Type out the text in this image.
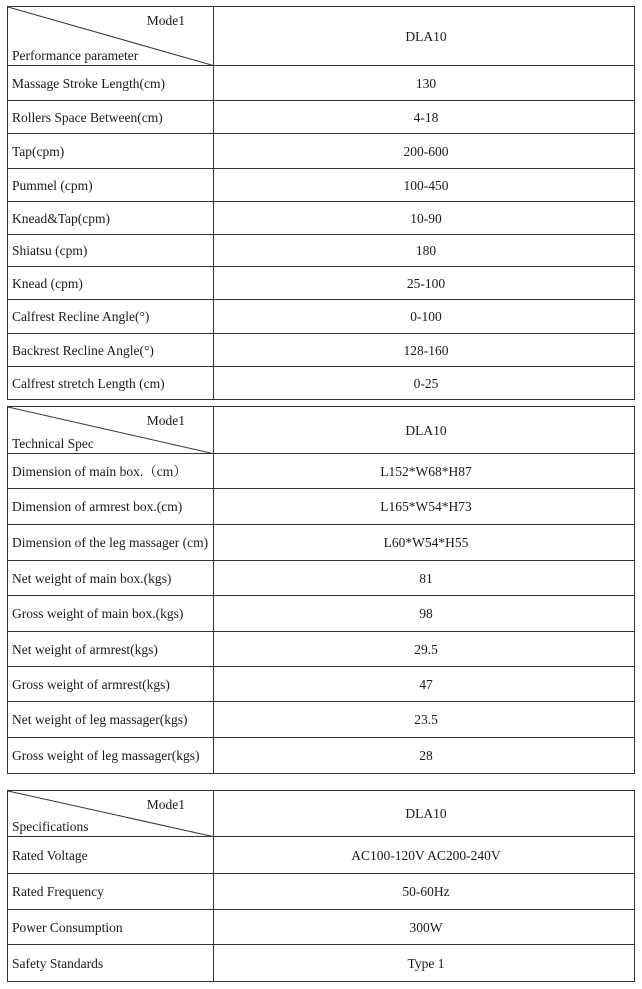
Mode1
Performance parameter	DLA10
Massage Stroke Length(cm)	130
Rollers Space Between(cm)	4-18
Tap(cpm)	200-600
Pummel (cpm)	100-450
Knead&Tap(cpm)	10-90
Shiatsu (cpm)	180
Knead (cpm)	25-100
Calfrest Recline Angle(°)	0-100
Backrest Recline Angle(°)	128-160
Calfrest stretch Length (cm)	0-25
Mode1
Technical Spec	DLA10
Dimension of main box.（cm）	L152*W68*H87
Dimension of armrest box.(cm)	L165*W54*H73
Dimension of the leg massager (cm)	L60*W54*H55
Net weight of main box.(kgs)	81
Gross weight of main box.(kgs)	98
Net weight of armrest(kgs)	29.5
Gross weight of armrest(kgs)	47
Net weight of leg massager(kgs)	23.5
Gross weight of leg massager(kgs)	28
Mode1
Specifications	DLA10
Rated Voltage	AC100-120V AC200-240V
Rated Frequency	50-60Hz
Power Consumption	300W
Safety Standards	Type 1
